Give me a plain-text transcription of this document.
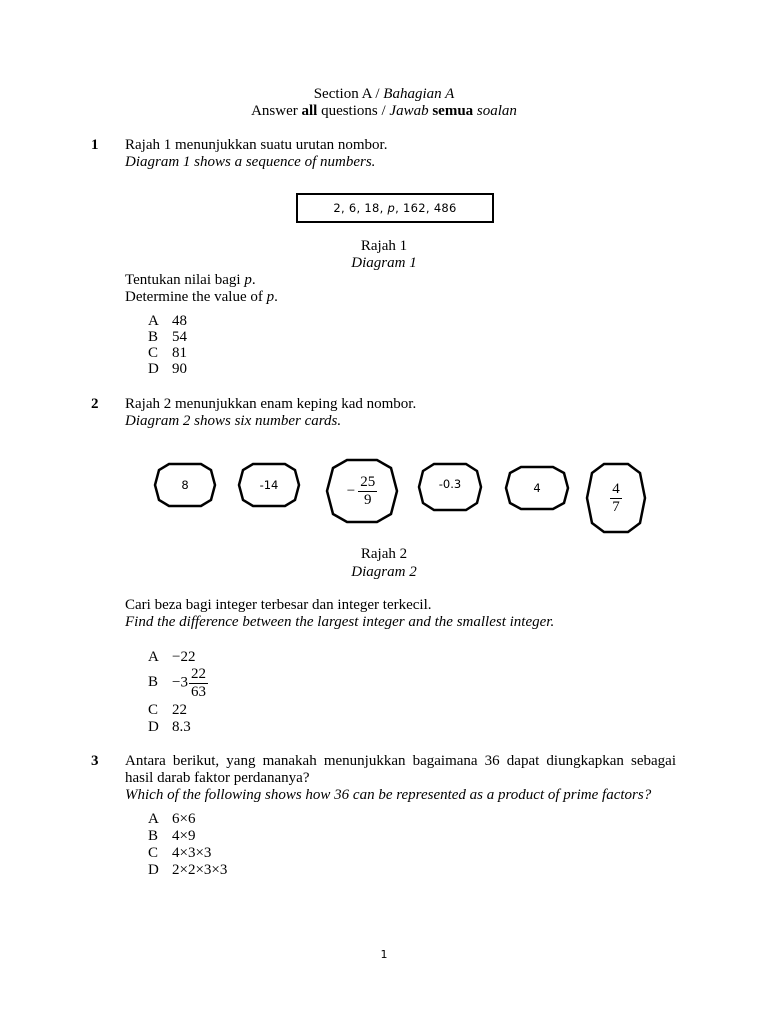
Section A / Bahagian A
Answer all questions / Jawab semua soalan
1 Rajah 1 menunjukkan suatu urutan nombor.
Diagram 1 shows a sequence of numbers.
2, 6, 18, p , 162, 486
Rajah 1
Diagram 1
Tentukan nilai bagi p.
Determine the value of p.
A 48
B 54
C 81
D 90
2 Rajah 2 menunjukkan enam keping kad nombor.
Diagram 2 shows six number cards.
8	-14	− $\frac{25}{9}$	-0.3	4	$\frac{4}{7}$
Rajah 2
Diagram 2
Cari beza bagi integer terbesar dan integer terkecil.
Find the difference between the largest integer and the smallest integer.
A −22
$B -3 \frac{22}{63}$
C 22
D 8.3
3 Antara berikut, yang manakah menunjukkan bagaimana 36 dapat diungkapkan sebagai
hasil darab faktor perdananya?
Which of the following shows how 36 can be represented as a product of prime factors?
A 6×6
B 4×9
C 4×3×3
D 2×2×3×3
1
